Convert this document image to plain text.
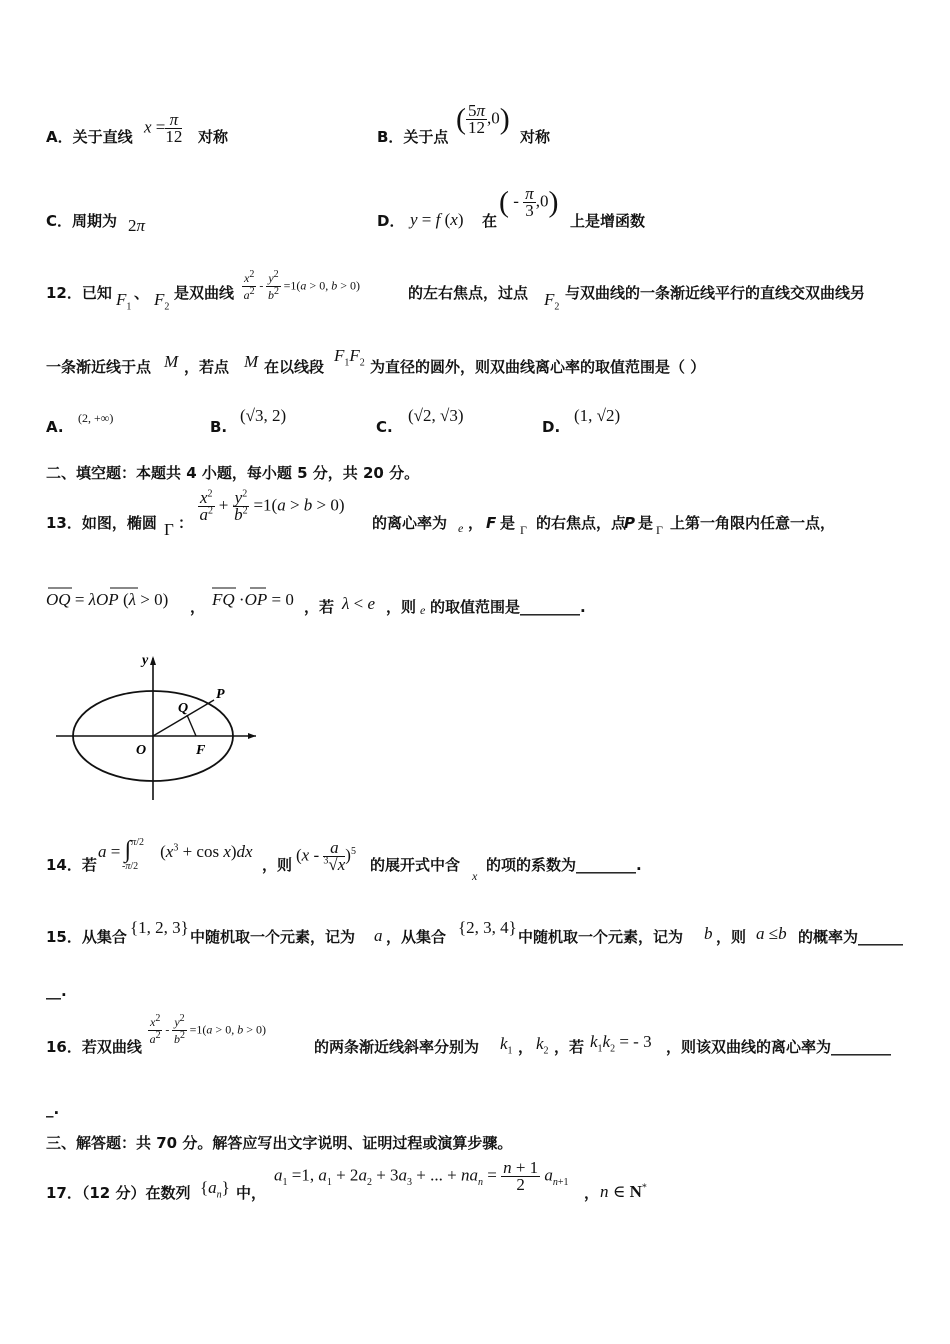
A．关于直线
$x = \frac{\pi}{12}$ 对称	B．关于点
( $\frac{5\pi}{12} ,0$)
对称
C．周期为 2π	D． y = f (x) 在
( - $\frac{\pi}{3} ,0$)
上是增函数
12．已知 $F_1$
、 $F_2$
是双曲线 $\frac{x^2}{a^2} - \frac{y^2}{b^2} =1(a > 0$, b > 0)	的左右焦点，过点 $F_2$
与双曲线的一条渐近线平行的直线交双曲线另
一条渐近线于点 M ，若点 M 在以线段
$F_1F_2$ 为直径的圆外，则双曲线离心率的取值范围是（ ）
A. (2, +∞)	B.
(√3, 2)
C.
(√2, √3)
D.
(1, √2)
二、填空题：本题共 4 小题，每小题 5 分，共 20 分。
13．如图，椭圆 Γ ： $\frac{x^2}{a^2} + \frac{y^2}{b^2} =1(a > b > 0)$
的离心率为 e ， F 是 Γ 的右焦点，点
P 是 Γ 上第一角限内任意一点，
OQ = λOP (λ > 0) ， FQ ·OP = 0 ，若 λ < e ，则 e 的取值范围是________.
y
P
Q
O	F
14．若
$a = \int^{\pi/2}_{-\pi/2}(x^3 + \cos x)dx$
，则
$(x - \frac{a}{^3√x} )^5$
的展开式中含
x
的项的系数为________.
15．从集合 {1, 2, 3} 中随机取一个元素，记为 a ，从集合 {2, 3, 4} 中随机取一个元素，记为 b ，则 a ≤b 的概率为______
__.
16．若双曲线 $\frac{x^2}{a^2} - \frac{y^2}{b^2} =1(a > 0$, b > 0)
的两条渐近线斜率分别为 $k_1$ ， $k_2$ ，若 $k_1k_2$ = - 3 ，则该双曲线的离心率为________
_.
三、解答题：共 70 分。解答应写出文字说明、证明过程或演算步骤。
17．（12 分）在数列 $\{a_n\}$ 中，
$a_1 =1$, $a_1 + 2a_2 + 3a_3$ + ... + $na_n = \frac{n + 1}{2} a_{n+1}$
， n ∈ N*
